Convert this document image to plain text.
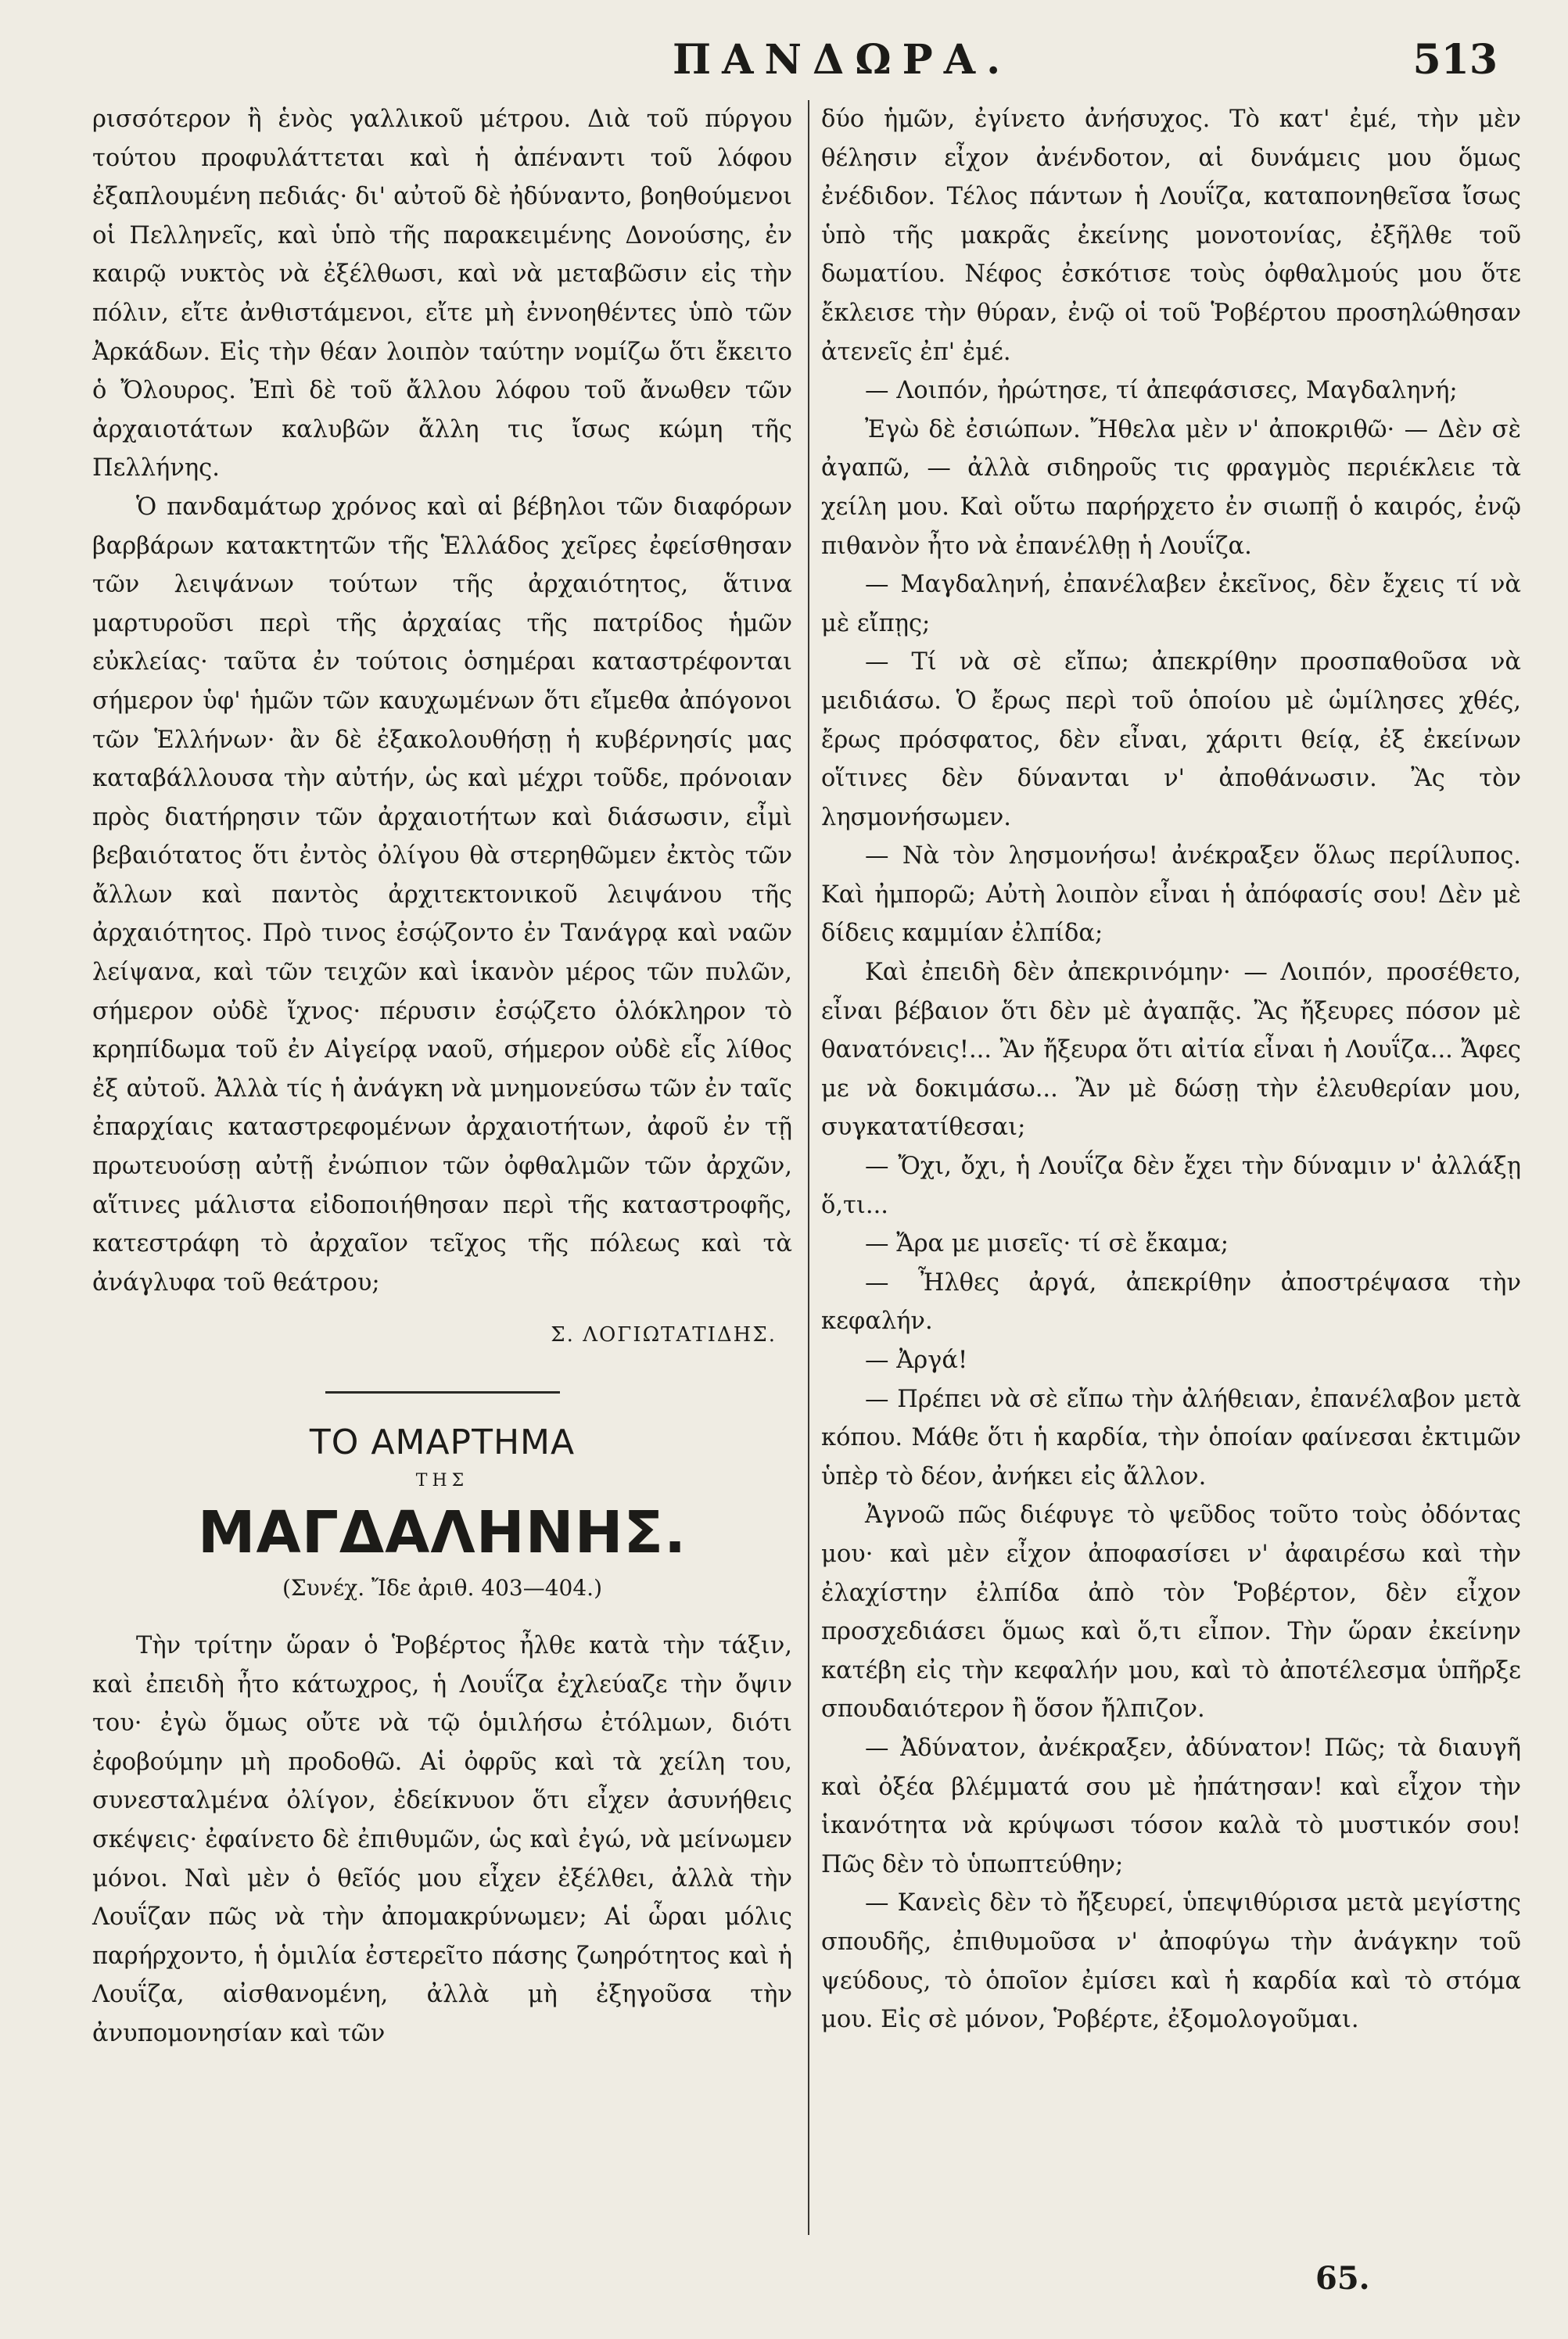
ΠΑΝΔΩΡΑ.	513

ρισσότερον ἢ ἑνὸς γαλλικοῦ μέτρου. Διὰ τοῦ πύργου τούτου προφυλάττεται καὶ ἡ ἀπέναντι τοῦ λόφου ἐξαπλουμένη πεδιάς· δι' αὐτοῦ δὲ ἠδύναντο, βοηθούμενοι οἱ Πελληνεῖς, καὶ ὑπὸ τῆς παρακειμένης Δονούσης, ἐν καιρῷ νυκτὸς νὰ ἐξέλθωσι, καὶ νὰ μεταβῶσιν εἰς τὴν πόλιν, εἴτε ἀνθιστάμενοι, εἴτε μὴ ἐννοηθέντες ὑπὸ τῶν Ἀρκάδων. Εἰς τὴν θέαν λοιπὸν ταύτην νομίζω ὅτι ἔκειτο ὁ Ὄλουρος. Ἐπὶ δὲ τοῦ ἄλλου λόφου τοῦ ἄνωθεν τῶν ἀρχαιοτάτων καλυβῶν ἄλλη τις ἴσως κώμη τῆς Πελλήνης.

Ὁ πανδαμάτωρ χρόνος καὶ αἱ βέβηλοι τῶν διαφόρων βαρβάρων κατακτητῶν τῆς Ἑλλάδος χεῖρες ἐφείσθησαν τῶν λειψάνων τούτων τῆς ἀρχαιότητος, ἅτινα μαρτυροῦσι περὶ τῆς ἀρχαίας τῆς πατρίδος ἡμῶν εὐκλείας· ταῦτα ἐν τούτοις ὁσημέραι καταστρέφονται σήμερον ὑφ' ἡμῶν τῶν καυχωμένων ὅτι εἴμεθα ἀπόγονοι τῶν Ἑλλήνων· ἂν δὲ ἐξακολουθήσῃ ἡ κυβέρνησίς μας καταβάλλουσα τὴν αὐτήν, ὡς καὶ μέχρι τοῦδε, πρόνοιαν πρὸς διατήρησιν τῶν ἀρχαιοτήτων καὶ διάσωσιν, εἶμὶ βεβαιότατος ὅτι ἐντὸς ὀλίγου θὰ στερηθῶμεν ἐκτὸς τῶν ἄλλων καὶ παντὸς ἀρχιτεκτονικοῦ λειψάνου τῆς ἀρχαιότητος. Πρὸ τινος ἐσῴζοντο ἐν Τανάγρᾳ καὶ ναῶν λείψανα, καὶ τῶν τειχῶν καὶ ἱκανὸν μέρος τῶν πυλῶν, σήμερον οὐδὲ ἴχνος· πέρυσιν ἐσῴζετο ὁλόκληρον τὸ κρηπίδωμα τοῦ ἐν Αἰγείρᾳ ναοῦ, σήμερον οὐδὲ εἷς λίθος ἐξ αὐτοῦ. Ἀλλὰ τίς ἡ ἀνάγκη νὰ μνημονεύσω τῶν ἐν ταῖς ἐπαρχίαις καταστρεφομένων ἀρχαιοτήτων, ἀφοῦ ἐν τῇ πρωτευούσῃ αὐτῇ ἐνώπιον τῶν ὀφθαλμῶν τῶν ἀρχῶν, αἵτινες μάλιστα εἰδοποιήθησαν περὶ τῆς καταστροφῆς, κατεστράφη τὸ ἀρχαῖον τεῖχος τῆς πόλεως καὶ τὰ ἀνάγλυφα τοῦ θεάτρου;

Σ. ΛΟΓΙΩΤΑΤΙΔΗΣ.

ΤΟ ΑΜΑΡΤΗΜΑ

ΤΗΣ

ΜΑΓΔΑΛΗΝΗΣ.

(Συνέχ. Ἴδε ἀριθ. 403—404.)

Τὴν τρίτην ὥραν ὁ Ῥοβέρτος ἦλθε κατὰ τὴν τάξιν, καὶ ἐπειδὴ ἦτο κάτωχρος, ἡ Λουΐζα ἐχλεύαζε τὴν ὄψιν του· ἐγὼ ὅμως οὔτε νὰ τῷ ὁμιλήσω ἐτόλμων, διότι ἐφοβούμην μὴ προδοθῶ. Αἱ ὀφρῦς καὶ τὰ χείλη του, συνεσταλμένα ὀλίγον, ἐδείκνυον ὅτι εἶχεν ἀσυνήθεις σκέψεις· ἐφαίνετο δὲ ἐπιθυμῶν, ὡς καὶ ἐγώ, νὰ μείνωμεν μόνοι. Ναὶ μὲν ὁ θεῖός μου εἶχεν ἐξέλθει, ἀλλὰ τὴν Λουΐζαν πῶς νὰ τὴν ἀπομακρύνωμεν; Αἱ ὧραι μόλις παρήρχοντο, ἡ ὁμιλία ἐστερεῖτο πάσης ζωηρότητος καὶ ἡ Λουΐζα, αἰσθανομένη, ἀλλὰ μὴ ἐξηγοῦσα τὴν ἀνυπομονησίαν καὶ τῶν

δύο ἡμῶν, ἐγίνετο ἀνήσυχος. Τὸ κατ' ἐμέ, τὴν μὲν θέλησιν εἶχον ἀνένδοτον, αἱ δυνάμεις μου ὅμως ἐνέδιδον. Τέλος πάντων ἡ Λουΐζα, καταπονηθεῖσα ἴσως ὑπὸ τῆς μακρᾶς ἐκείνης μονοτονίας, ἐξῆλθε τοῦ δωματίου. Νέφος ἐσκότισε τοὺς ὀφθαλμούς μου ὅτε ἔκλεισε τὴν θύραν, ἐνῷ οἱ τοῦ Ῥοβέρτου προσηλώθησαν ἀτενεῖς ἐπ' ἐμέ.

— Λοιπόν, ἠρώτησε, τί ἀπεφάσισες, Μαγδαληνή;

Ἐγὼ δὲ ἐσιώπων. Ἤθελα μὲν ν' ἀποκριθῶ· — Δὲν σὲ ἀγαπῶ, — ἀλλὰ σιδηροῦς τις φραγμὸς περιέκλειε τὰ χείλη μου. Καὶ οὕτω παρήρχετο ἐν σιωπῇ ὁ καιρός, ἐνῷ πιθανὸν ἦτο νὰ ἐπανέλθῃ ἡ Λουΐζα.

— Μαγδαληνή, ἐπανέλαβεν ἐκεῖνος, δὲν ἔχεις τί νὰ μὲ εἴπῃς;

— Τί νὰ σὲ εἴπω; ἀπεκρίθην προσπαθοῦσα νὰ μειδιάσω. Ὁ ἔρως περὶ τοῦ ὁποίου μὲ ὡμίλησες χθές, ἔρως πρόσφατος, δὲν εἶναι, χάριτι θείᾳ, ἐξ ἐκείνων οἵτινες δὲν δύνανται ν' ἀποθάνωσιν. Ἂς τὸν λησμονήσωμεν.

— Νὰ τὸν λησμονήσω! ἀνέκραξεν ὅλως περίλυπος. Καὶ ἠμπορῶ; Αὐτὴ λοιπὸν εἶναι ἡ ἀπόφασίς σου! Δὲν μὲ δίδεις καμμίαν ἐλπίδα;

Καὶ ἐπειδὴ δὲν ἀπεκρινόμην· — Λοιπόν, προσέθετο, εἶναι βέβαιον ὅτι δὲν μὲ ἀγαπᾷς. Ἂς ἤξευρες πόσον μὲ θανατόνεις!... Ἂν ἤξευρα ὅτι αἰτία εἶναι ἡ Λουΐζα... Ἄφες με νὰ δοκιμάσω... Ἂν μὲ δώσῃ τὴν ἐλευθερίαν μου, συγκατατίθεσαι;

— Ὄχι, ὄχι, ἡ Λουΐζα δὲν ἔχει τὴν δύναμιν ν' ἀλλάξῃ ὅ,τι...

— Ἄρα με μισεῖς· τί σὲ ἔκαμα;

— Ἦλθες ἀργά, ἀπεκρίθην ἀποστρέψασα τὴν κεφαλήν.

— Ἀργά!

— Πρέπει νὰ σὲ εἴπω τὴν ἀλήθειαν, ἐπανέλαβον μετὰ κόπου. Μάθε ὅτι ἡ καρδία, τὴν ὁποίαν φαίνεσαι ἐκτιμῶν ὑπὲρ τὸ δέον, ἀνήκει εἰς ἄλλον.

Ἀγνοῶ πῶς διέφυγε τὸ ψεῦδος τοῦτο τοὺς ὀδόντας μου· καὶ μὲν εἶχον ἀποφασίσει ν' ἀφαιρέσω καὶ τὴν ἐλαχίστην ἐλπίδα ἀπὸ τὸν Ῥοβέρτον, δὲν εἶχον προσχεδιάσει ὅμως καὶ ὅ,τι εἶπον. Τὴν ὥραν ἐκείνην κατέβη εἰς τὴν κεφαλήν μου, καὶ τὸ ἀποτέλεσμα ὑπῆρξε σπουδαιότερον ἢ ὅσον ἤλπιζον.

— Ἀδύνατον, ἀνέκραξεν, ἀδύνατον! Πῶς; τὰ διαυγῆ καὶ ὀξέα βλέμματά σου μὲ ἠπάτησαν! καὶ εἶχον τὴν ἱκανότητα νὰ κρύψωσι τόσον καλὰ τὸ μυστικόν σου! Πῶς δὲν τὸ ὑπωπτεύθην;

— Κανεὶς δὲν τὸ ἤξευρεί, ὑπεψιθύρισα μετὰ μεγίστης σπουδῆς, ἐπιθυμοῦσα ν' ἀποφύγω τὴν ἀνάγκην τοῦ ψεύδους, τὸ ὁποῖον ἐμίσει καὶ ἡ καρδία καὶ τὸ στόμα μου. Εἰς σὲ μόνον, Ῥοβέρτε, ἐξομολογοῦμαι.

65.
